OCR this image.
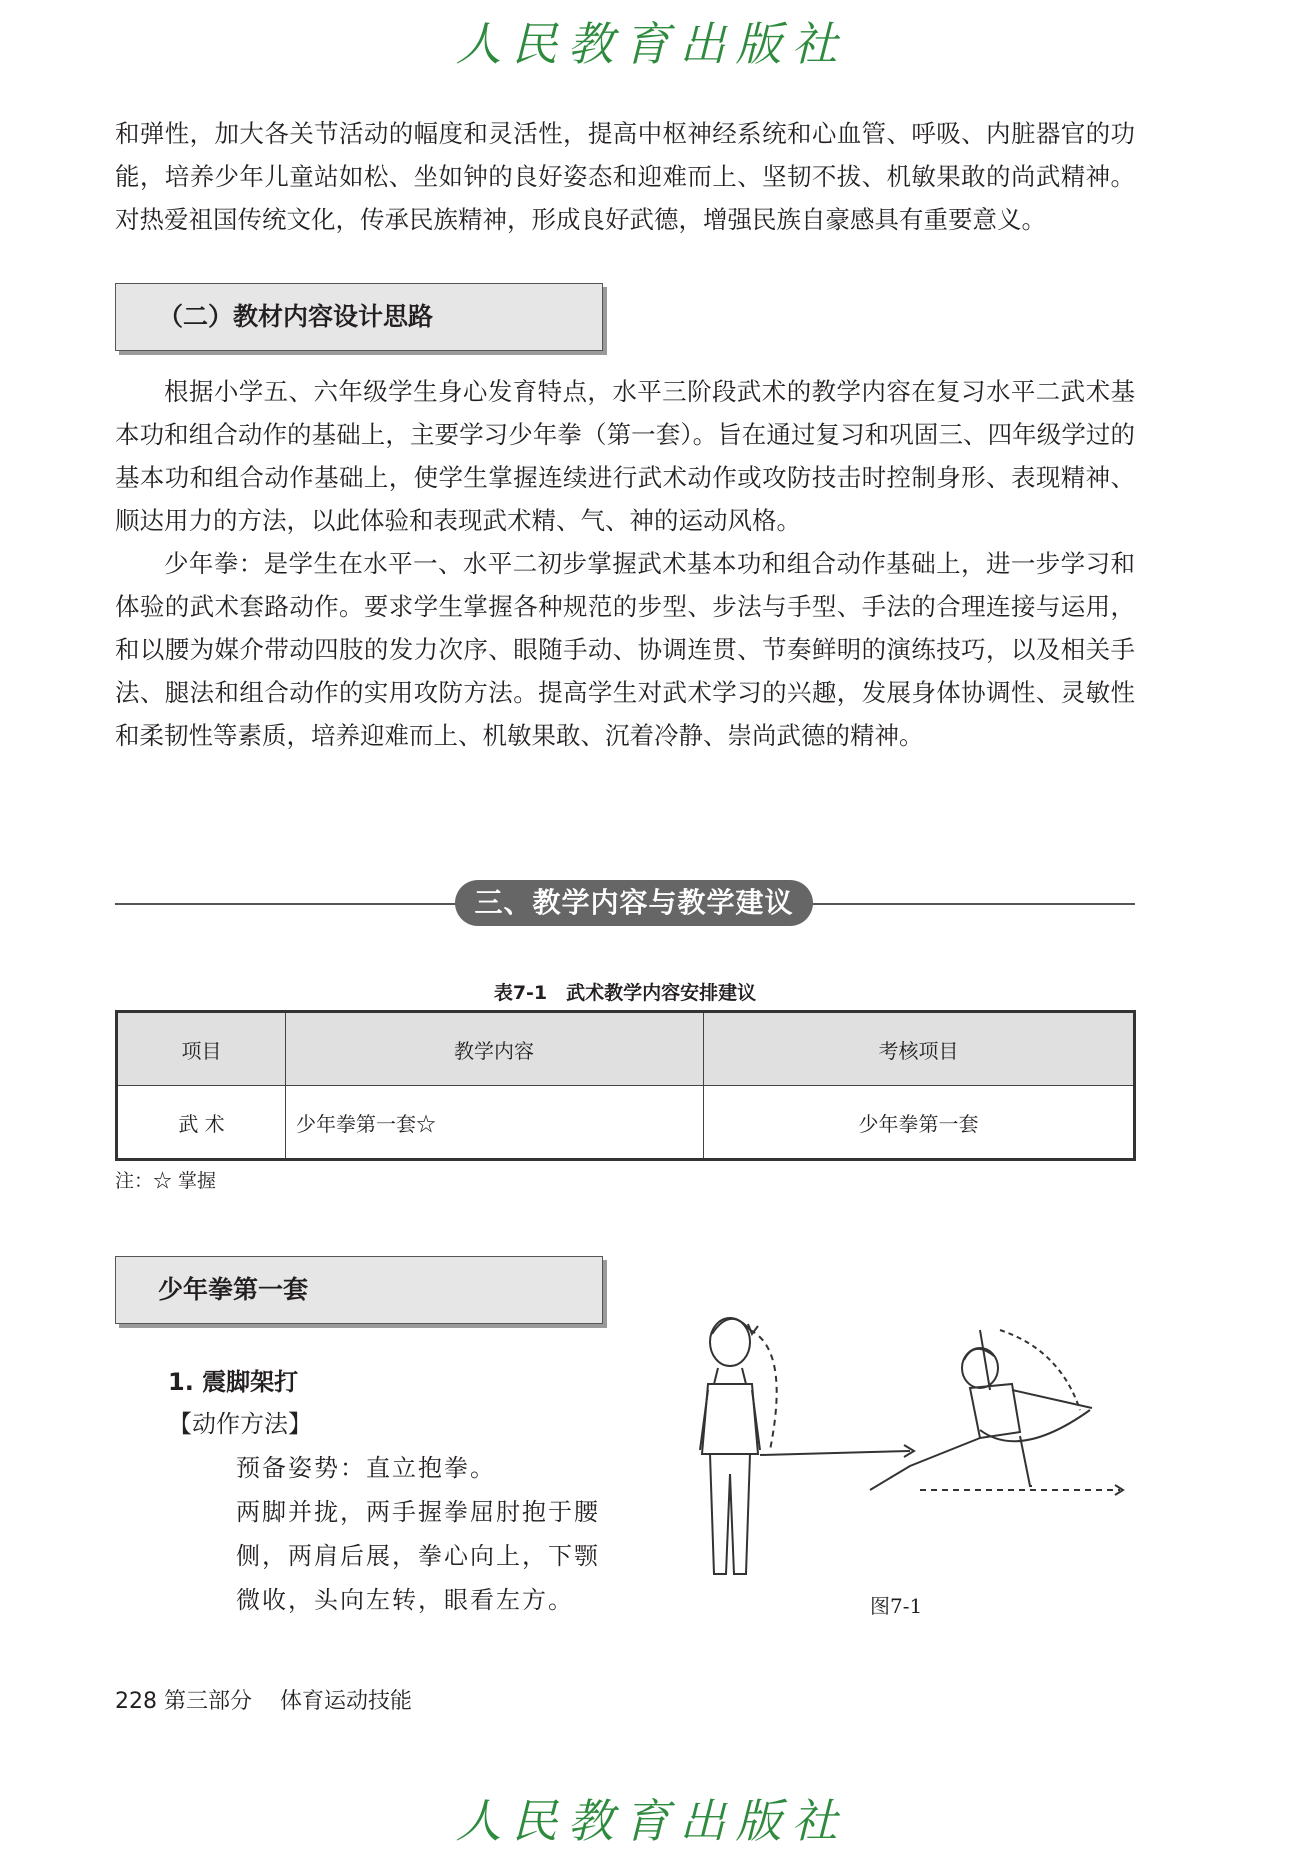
人民教育出版社

和弹性，加大各关节活动的幅度和灵活性，提高中枢神经系统和心血管、呼吸、内脏器官的功能，培养少年儿童站如松、坐如钟的良好姿态和迎难而上、坚韧不拔、机敏果敢的尚武精神。对热爱祖国传统文化，传承民族精神，形成良好武德，增强民族自豪感具有重要意义。

（二）教材内容设计思路

根据小学五、六年级学生身心发育特点，水平三阶段武术的教学内容在复习水平二武术基本功和组合动作的基础上，主要学习少年拳（第一套）。旨在通过复习和巩固三、四年级学过的基本功和组合动作基础上，使学生掌握连续进行武术动作或攻防技击时控制身形、表现精神、顺达用力的方法，以此体验和表现武术精、气、神的运动风格。

少年拳：是学生在水平一、水平二初步掌握武术基本功和组合动作基础上，进一步学习和体验的武术套路动作。要求学生掌握各种规范的步型、步法与手型、手法的合理连接与运用，和以腰为媒介带动四肢的发力次序、眼随手动、协调连贯、节奏鲜明的演练技巧，以及相关手法、腿法和组合动作的实用攻防方法。提高学生对武术学习的兴趣，发展身体协调性、灵敏性和柔韧性等素质，培养迎难而上、机敏果敢、沉着冷静、崇尚武德的精神。

三、教学内容与教学建议
表7-1　武术教学内容安排建议
项目	教学内容	考核项目
武 术	少年拳第一套☆	少年拳第一套
注：☆ 掌握
少年拳第一套
1. 震脚架打
【动作方法】
预备姿势：直立抱拳。
两脚并拢，两手握拳屈肘抱于腰
侧，两肩后展，拳心向上，下颚
微收，头向左转，眼看左方。	图7-1
228 第三部分 体育运动技能
人民教育出版社
